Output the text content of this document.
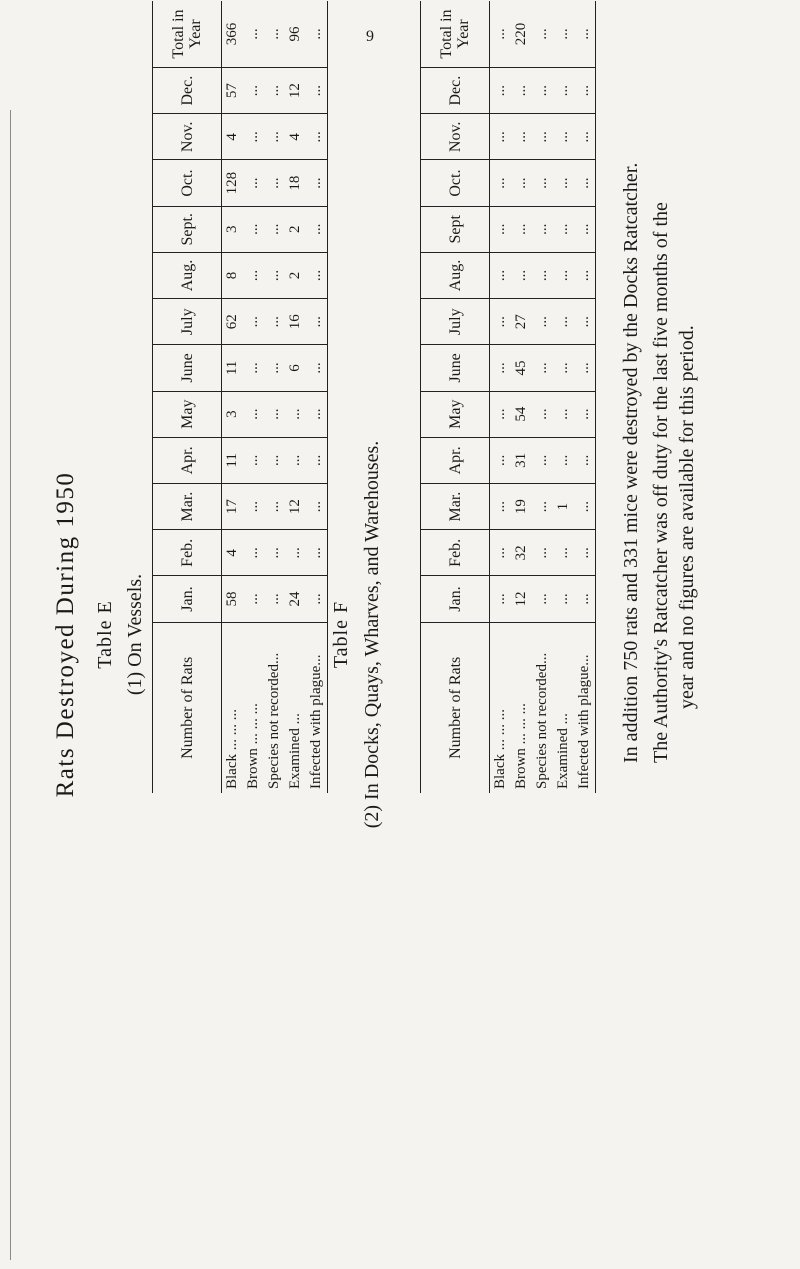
9
Rats Destroyed During 1950 Table E (1) On Vessels.
Number of Rats	Jan.	Feb.	Mar.	Apr.	May	June	July	Aug.	Sept.	Oct.	Nov.	Dec.	Total in Year
Black ... ... ...	58	4	17	11	3	11	62	8	3	128	4	57	366
Brown ... ... ...	...	...	...	...	...	...	...	...	...	...	...	...	...
Species not recorded...	...	...	...	...	...	...	...	...	...	...	...	...	...
Examined ...	24	...	12	...	...	6	16	2	2	18	4	12	96
Infected with plague...	...	...	...	...	...	...	...	...	...	...	...	...	...
Table F (2) In Docks, Quays, Wharves, and Warehouses.	Number of Rats	Jan.	Feb.	Mar.	Apr.	May	June	July	Aug.	Sept	Oct.	Nov.	Dec.	Total in Year
Black ... ... ...	...	...	...	...	...	...	...	...	...	...	...	...	...
Brown ... ... ...	12	32	19	31	54	45	27	...	...	...	...	...	220
Species not recorded...	...	...	...	...	...	...	...	...	...	...	...	...	...
Examined ...	...	...	1	...	...	...	...	...	...	...	...	...	...
Infected with plague...	...	...	...	...	...	...	...	...	...	...	...	...	...
In addition 750 rats and 331 mice were destroyed by the Docks Ratcatcher. The Authority's Ratcatcher was off duty for the last five months of the year and no figures are available for this period.
